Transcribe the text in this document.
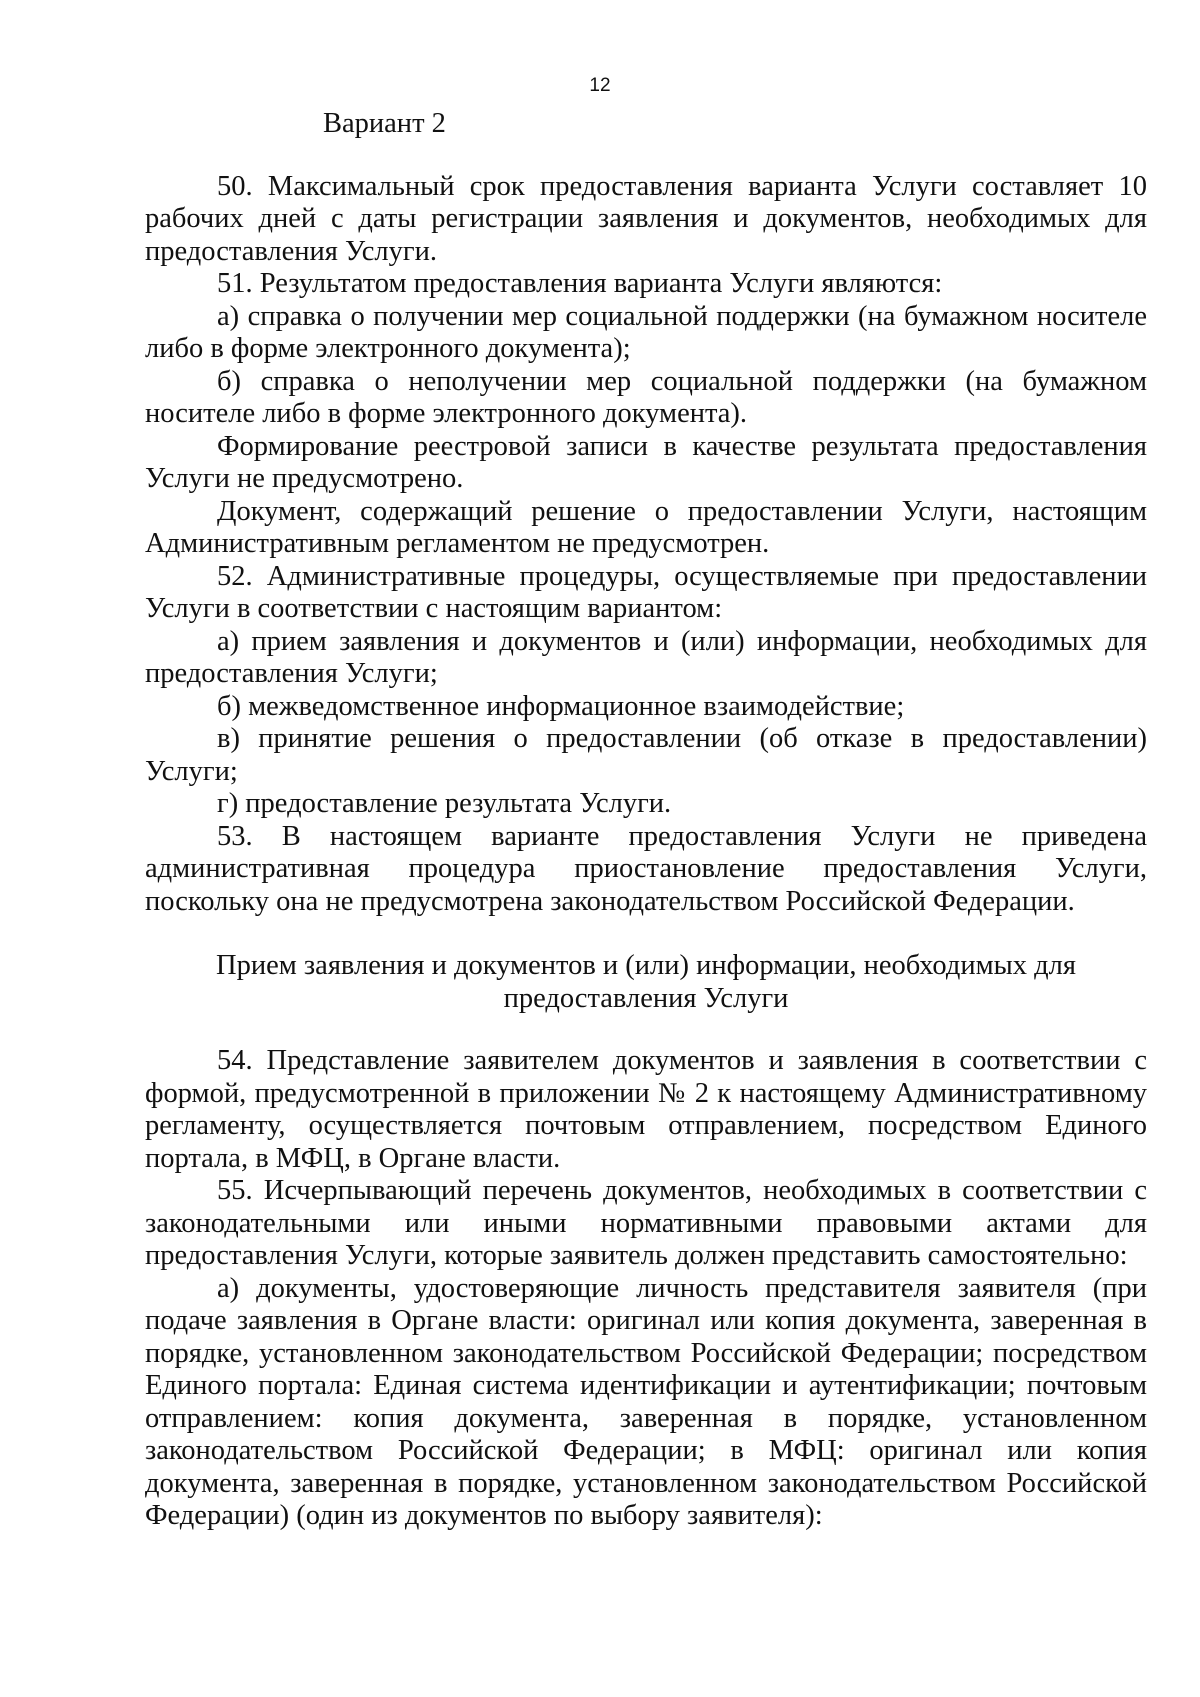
12

Вариант 2

50. Максимальный срок предоставления варианта Услуги составляет 10 рабочих дней с даты регистрации заявления и документов, необходимых для предоставления Услуги.

51. Результатом предоставления варианта Услуги являются:

а) справка о получении мер социальной поддержки (на бумажном носителе либо в форме электронного документа);

б) справка о неполучении мер социальной поддержки (на бумажном носителе либо в форме электронного документа).

Формирование реестровой записи в качестве результата предоставления Услуги не предусмотрено.

Документ, содержащий решение о предоставлении Услуги, настоящим Административным регламентом не предусмотрен.

52. Административные процедуры, осуществляемые при предоставлении Услуги в соответствии с настоящим вариантом:

а) прием заявления и документов и (или) информации, необходимых для предоставления Услуги;

б) межведомственное информационное взаимодействие;

в) принятие решения о предоставлении (об отказе в предоставлении) Услуги;

г) предоставление результата Услуги.

53. В настоящем варианте предоставления Услуги не приведена административная процедура приостановление предоставления Услуги, поскольку она не предусмотрена законодательством Российской Федерации.

Прием заявления и документов и (или) информации, необходимых для предоставления Услуги

54. Представление заявителем документов и заявления в соответствии с формой, предусмотренной в приложении № 2 к настоящему Административному регламенту, осуществляется почтовым отправлением, посредством Единого портала, в МФЦ, в Органе власти.

55. Исчерпывающий перечень документов, необходимых в соответствии с законодательными или иными нормативными правовыми актами для предоставления Услуги, которые заявитель должен представить самостоятельно:

а) документы, удостоверяющие личность представителя заявителя (при подаче заявления в Органе власти: оригинал или копия документа, заверенная в порядке, установленном законодательством Российской Федерации; посредством Единого портала: Единая система идентификации и аутентификации; почтовым отправлением: копия документа, заверенная в порядке, установленном законодательством Российской Федерации; в МФЦ: оригинал или копия документа, заверенная в порядке, установленном законодательством Российской Федерации) (один из документов по выбору заявителя):
